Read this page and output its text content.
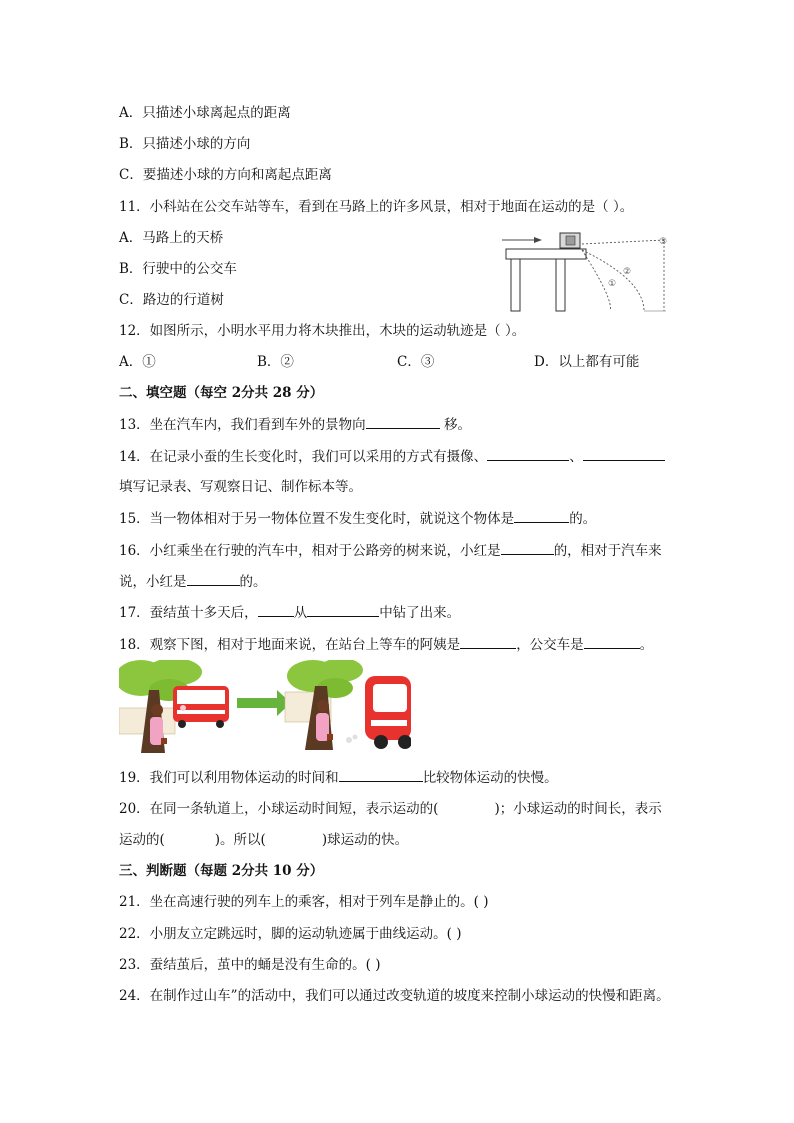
A．只描述小球离起点的距离
B．只描述小球的方向
C．要描述小球的方向和离起点距离
11．小科站在公交车站等车，看到在马路上的许多风景，相对于地面在运动的是（ ）。
A．马路上的天桥
B．行驶中的公交车
C．路边的行道树
①
②
③
12．如图所示，小明水平用力将木块推出，木块的运动轨迹是（ ）。
A．①	B．②	C．③	D．以上都有可能
二、填空题（每空 2分共 28 分）
13．坐在汽车内，我们看到车外的景物向	移。
14．在记录小蚕的生长变化时，我们可以采用的方式有摄像、	、
填写记录表、写观察日记、制作标本等。
15．当一物体相对于另一物体位置不发生变化时，就说这个物体是	的。
16．小红乘坐在行驶的汽车中，相对于公路旁的树来说，小红是	的，相对于汽车来
说，小红是	的。
17．蚕结茧十多天后，	从	中钻了出来。
18．观察下图，相对于地面来说，在站台上等车的阿姨是	，公交车是	。
19．我们可以利用物体运动的时间和	比较物体运动的快慢。
20．在同一条轨道上，小球运动时间短，表示运动的(	)；小球运动的时间长，表示
运动的(	)。所以(	)球运动的快。
三、判断题（每题 2分共 10 分）
21．坐在高速行驶的列车上的乘客，相对于列车是静止的。( )
22．小朋友立定跳远时，脚的运动轨迹属于曲线运动。( )
23．蚕结茧后，茧中的蛹是没有生命的。( )
24．在制作过山车”的活动中，我们可以通过改变轨道的坡度来控制小球运动的快慢和距离。
